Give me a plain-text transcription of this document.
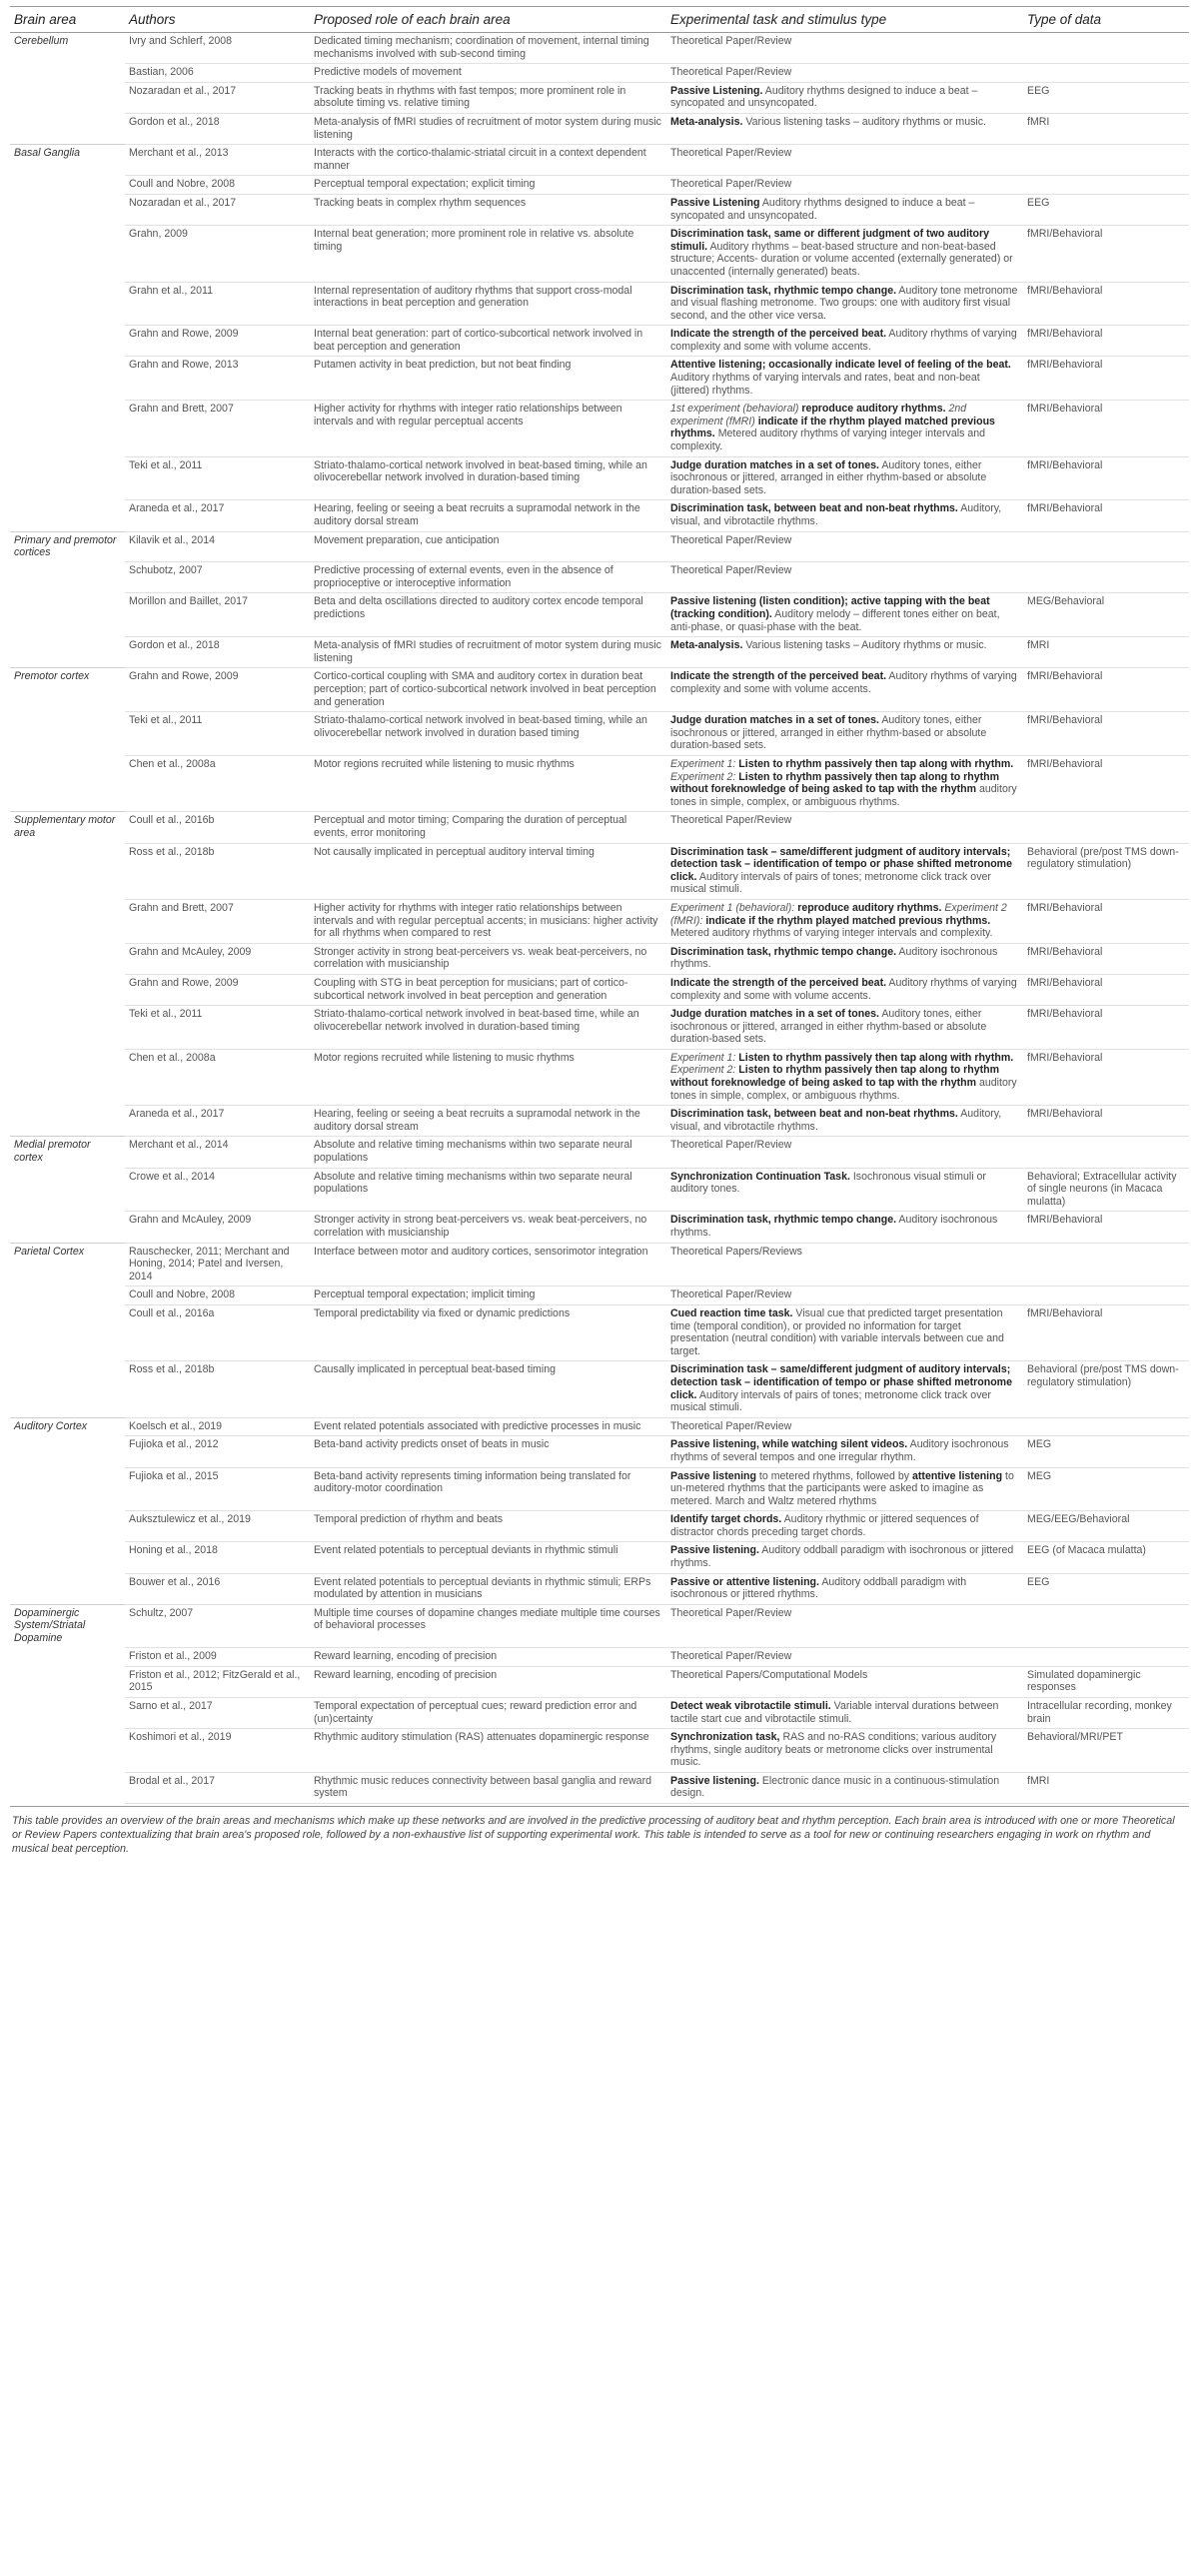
Brain area	Authors	Proposed role of each brain area	Experimental task and stimulus type	Type of data
Cerebellum	Ivry and Schlerf, 2008	Dedicated timing mechanism; coordination of movement, internal timing mechanisms involved with sub-second timing	Theoretical Paper/Review	
	Bastian, 2006	Predictive models of movement	Theoretical Paper/Review	
	Nozaradan et al., 2017	Tracking beats in rhythms with fast tempos; more prominent role in absolute timing vs. relative timing	Passive Listening. Auditory rhythms designed to induce a beat – syncopated and unsyncopated.	EEG
	Gordon et al., 2018	Meta-analysis of fMRI studies of recruitment of motor system during music listening	Meta-analysis. Various listening tasks – auditory rhythms or music.	fMRI
Basal Ganglia	Merchant et al., 2013	Interacts with the cortico-thalamic-striatal circuit in a context dependent manner	Theoretical Paper/Review	
	Coull and Nobre, 2008	Perceptual temporal expectation; explicit timing	Theoretical Paper/Review	
	Nozaradan et al., 2017	Tracking beats in complex rhythm sequences	Passive Listening Auditory rhythms designed to induce a beat – syncopated and unsyncopated.	EEG
	Grahn, 2009	Internal beat generation; more prominent role in relative vs. absolute timing	Discrimination task, same or different judgment of two auditory stimuli. Auditory rhythms – beat-based structure and non-beat-based structure; Accents- duration or volume accented (externally generated) or unaccented (internally generated) beats.	fMRI/Behavioral
	Grahn et al., 2011	Internal representation of auditory rhythms that support cross-modal interactions in beat perception and generation	Discrimination task, rhythmic tempo change. Auditory tone metronome and visual flashing metronome. Two groups: one with auditory first visual second, and the other vice versa.	fMRI/Behavioral
	Grahn and Rowe, 2009	Internal beat generation: part of cortico-subcortical network involved in beat perception and generation	Indicate the strength of the perceived beat. Auditory rhythms of varying complexity and some with volume accents.	fMRI/Behavioral
	Grahn and Rowe, 2013	Putamen activity in beat prediction, but not beat finding	Attentive listening; occasionally indicate level of feeling of the beat. Auditory rhythms of varying intervals and rates, beat and non-beat (jittered) rhythms.	fMRI/Behavioral
	Grahn and Brett, 2007	Higher activity for rhythms with integer ratio relationships between intervals and with regular perceptual accents	1st experiment (behavioral) reproduce auditory rhythms. 2nd experiment (fMRI) indicate if the rhythm played matched previous rhythms. Metered auditory rhythms of varying integer intervals and complexity.	fMRI/Behavioral
	Teki et al., 2011	Striato-thalamo-cortical network involved in beat-based timing, while an olivocerebellar network involved in duration-based timing	Judge duration matches in a set of tones. Auditory tones, either isochronous or jittered, arranged in either rhythm-based or absolute duration-based sets.	fMRI/Behavioral
	Araneda et al., 2017	Hearing, feeling or seeing a beat recruits a supramodal network in the auditory dorsal stream	Discrimination task, between beat and non-beat rhythms. Auditory, visual, and vibrotactile rhythms.	fMRI/Behavioral
Primary and premotor cortices	Kilavik et al., 2014	Movement preparation, cue anticipation	Theoretical Paper/Review	
	Schubotz, 2007	Predictive processing of external events, even in the absence of proprioceptive or interoceptive information	Theoretical Paper/Review	
	Morillon and Baillet, 2017	Beta and delta oscillations directed to auditory cortex encode temporal predictions	Passive listening (listen condition); active tapping with the beat (tracking condition). Auditory melody – different tones either on beat, anti-phase, or quasi-phase with the beat.	MEG/Behavioral
	Gordon et al., 2018	Meta-analysis of fMRI studies of recruitment of motor system during music listening	Meta-analysis. Various listening tasks – Auditory rhythms or music.	fMRI
Premotor cortex	Grahn and Rowe, 2009	Cortico-cortical coupling with SMA and auditory cortex in duration beat perception; part of cortico-subcortical network involved in beat perception and generation	Indicate the strength of the perceived beat. Auditory rhythms of varying complexity and some with volume accents.	fMRI/Behavioral
	Teki et al., 2011	Striato-thalamo-cortical network involved in beat-based timing, while an olivocerebellar network involved in duration based timing	Judge duration matches in a set of tones. Auditory tones, either isochronous or jittered, arranged in either rhythm-based or absolute duration-based sets.	fMRI/Behavioral
	Chen et al., 2008a	Motor regions recruited while listening to music rhythms	Experiment 1: Listen to rhythm passively then tap along with rhythm. Experiment 2: Listen to rhythm passively then tap along to rhythm without foreknowledge of being asked to tap with the rhythm auditory tones in simple, complex, or ambiguous rhythms.	fMRI/Behavioral
Supplementary motor area	Coull et al., 2016b	Perceptual and motor timing; Comparing the duration of perceptual events, error monitoring	Theoretical Paper/Review	
	Ross et al., 2018b	Not causally implicated in perceptual auditory interval timing	Discrimination task – same/different judgment of auditory intervals; detection task – identification of tempo or phase shifted metronome click. Auditory intervals of pairs of tones; metronome click track over musical stimuli.	Behavioral (pre/post TMS down-regulatory stimulation)
	Grahn and Brett, 2007	Higher activity for rhythms with integer ratio relationships between intervals and with regular perceptual accents; in musicians: higher activity for all rhythms when compared to rest	Experiment 1 (behavioral): reproduce auditory rhythms. Experiment 2 (fMRI): indicate if the rhythm played matched previous rhythms. Metered auditory rhythms of varying integer intervals and complexity.	fMRI/Behavioral
	Grahn and McAuley, 2009	Stronger activity in strong beat-perceivers vs. weak beat-perceivers, no correlation with musicianship	Discrimination task, rhythmic tempo change. Auditory isochronous rhythms.	fMRI/Behavioral
	Grahn and Rowe, 2009	Coupling with STG in beat perception for musicians; part of cortico-subcortical network involved in beat perception and generation	Indicate the strength of the perceived beat. Auditory rhythms of varying complexity and some with volume accents.	fMRI/Behavioral
	Teki et al., 2011	Striato-thalamo-cortical network involved in beat-based time, while an olivocerebellar network involved in duration-based timing	Judge duration matches in a set of tones. Auditory tones, either isochronous or jittered, arranged in either rhythm-based or absolute duration-based sets.	fMRI/Behavioral
	Chen et al., 2008a	Motor regions recruited while listening to music rhythms	Experiment 1: Listen to rhythm passively then tap along with rhythm. Experiment 2: Listen to rhythm passively then tap along to rhythm without foreknowledge of being asked to tap with the rhythm auditory tones in simple, complex, or ambiguous rhythms.	fMRI/Behavioral
	Araneda et al., 2017	Hearing, feeling or seeing a beat recruits a supramodal network in the auditory dorsal stream	Discrimination task, between beat and non-beat rhythms. Auditory, visual, and vibrotactile rhythms.	fMRI/Behavioral
Medial premotor cortex	Merchant et al., 2014	Absolute and relative timing mechanisms within two separate neural populations	Theoretical Paper/Review	
	Crowe et al., 2014	Absolute and relative timing mechanisms within two separate neural populations	Synchronization Continuation Task. Isochronous visual stimuli or auditory tones.	Behavioral; Extracellular activity of single neurons (in Macaca mulatta)
	Grahn and McAuley, 2009	Stronger activity in strong beat-perceivers vs. weak beat-perceivers, no correlation with musicianship	Discrimination task, rhythmic tempo change. Auditory isochronous rhythms.	fMRI/Behavioral
Parietal Cortex	Rauschecker, 2011; Merchant and Honing, 2014; Patel and Iversen, 2014	Interface between motor and auditory cortices, sensorimotor integration	Theoretical Papers/Reviews	
	Coull and Nobre, 2008	Perceptual temporal expectation; implicit timing	Theoretical Paper/Review	
	Coull et al., 2016a	Temporal predictability via fixed or dynamic predictions	Cued reaction time task. Visual cue that predicted target presentation time (temporal condition), or provided no information for target presentation (neutral condition) with variable intervals between cue and target.	fMRI/Behavioral
	Ross et al., 2018b	Causally implicated in perceptual beat-based timing	Discrimination task – same/different judgment of auditory intervals; detection task – identification of tempo or phase shifted metronome click. Auditory intervals of pairs of tones; metronome click track over musical stimuli.	Behavioral (pre/post TMS down-regulatory stimulation)
Auditory Cortex	Koelsch et al., 2019	Event related potentials associated with predictive processes in music	Theoretical Paper/Review	
	Fujioka et al., 2012	Beta-band activity predicts onset of beats in music	Passive listening, while watching silent videos. Auditory isochronous rhythms of several tempos and one irregular rhythm.	MEG
	Fujioka et al., 2015	Beta-band activity represents timing information being translated for auditory-motor coordination	Passive listening to metered rhythms, followed by attentive listening to un-metered rhythms that the participants were asked to imagine as metered. March and Waltz metered rhythms	MEG
	Auksztulewicz et al., 2019	Temporal prediction of rhythm and beats	Identify target chords. Auditory rhythmic or jittered sequences of distractor chords preceding target chords.	MEG/EEG/Behavioral
	Honing et al., 2018	Event related potentials to perceptual deviants in rhythmic stimuli	Passive listening. Auditory oddball paradigm with isochronous or jittered rhythms.	EEG (of Macaca mulatta)
	Bouwer et al., 2016	Event related potentials to perceptual deviants in rhythmic stimuli; ERPs modulated by attention in musicians	Passive or attentive listening. Auditory oddball paradigm with isochronous or jittered rhythms.	EEG
Dopaminergic System/Striatal Dopamine	Schultz, 2007	Multiple time courses of dopamine changes mediate multiple time courses of behavioral processes	Theoretical Paper/Review	
	Friston et al., 2009	Reward learning, encoding of precision	Theoretical Paper/Review	
	Friston et al., 2012; FitzGerald et al., 2015	Reward learning, encoding of precision	Theoretical Papers/Computational Models	Simulated dopaminergic responses
	Sarno et al., 2017	Temporal expectation of perceptual cues; reward prediction error and (un)certainty	Detect weak vibrotactile stimuli. Variable interval durations between tactile start cue and vibrotactile stimuli.	Intracellular recording, monkey brain
	Koshimori et al., 2019	Rhythmic auditory stimulation (RAS) attenuates dopaminergic response	Synchronization task, RAS and no-RAS conditions; various auditory rhythms, single auditory beats or metronome clicks over instrumental music.	Behavioral/MRI/PET
	Brodal et al., 2017	Rhythmic music reduces connectivity between basal ganglia and reward system	Passive listening. Electronic dance music in a continuous-stimulation design.	fMRI
This table provides an overview of the brain areas and mechanisms which make up these networks and are involved in the predictive processing of auditory beat and rhythm perception. Each brain area is introduced with one or more Theoretical or Review Papers contextualizing that brain area's proposed role, followed by a non-exhaustive list of supporting experimental work. This table is intended to serve as a tool for new or continuing researchers engaging in work on rhythm and musical beat perception.
